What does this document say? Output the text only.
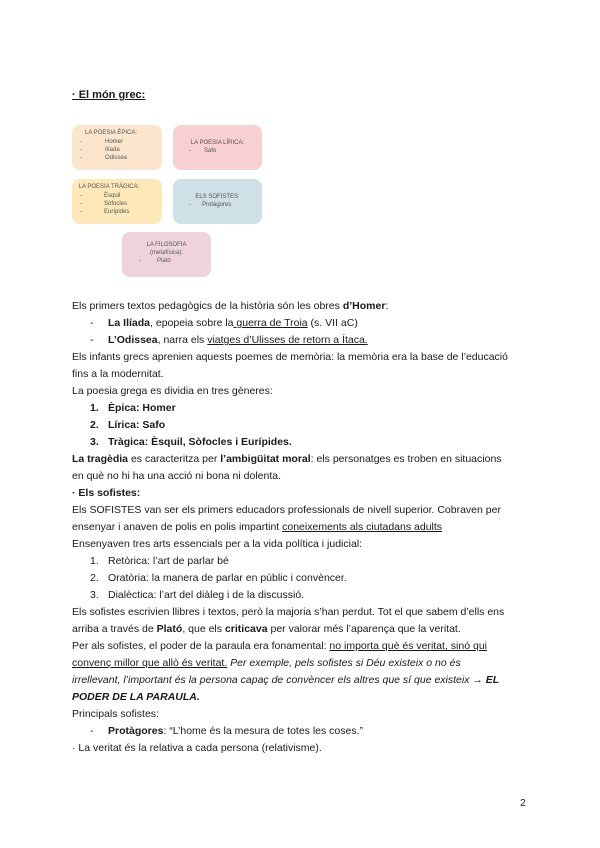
· El món grec:
LA POESIA ÈPICA:
-	Homer
-	Ilíada
-	Odissea
LA POESIA LÍRICA:
- Safo
LA POESIA TRÀGICA:
-	Èsquil
-	Sòfocles
-	Eurípides
ELS SOFISTES:
- Protàgores
LA FILOSOFIA
(metafísica):
-	Plató
Els primers textos pedagògics de la història són les obres d’Homer:
- La Ilíada, epopeia sobre la guerra de Troia (s. VII aC)
- L’Odissea, narra els viatges d’Ulisses de retorn a Ítaca.
Els infants grecs aprenien aquests poemes de memòria: la memòria era la base de l’educació
fins a la modernitat.
La poesia grega es dividia en tres gèneres:
1. Èpica: Homer
2. Lírica: Safo
3. Tràgica: Èsquil, Sòfocles i Eurípides.
La tragèdia es caracteritza per l’ambigüitat moral: els personatges es troben en situacions
en què no hi ha una acció ni bona ni dolenta.
· Els sofistes:
Els SOFISTES van ser els primers educadors professionals de nivell superior. Cobraven per
ensenyar i anaven de polis en polis impartint coneixements als ciutadans adults
Ensenyaven tres arts essencials per a la vida política i judicial:
1. Retòrica: l’art de parlar bé
2. Oratòria: la manera de parlar en públic i convèncer.
3. Dialèctica: l’art del diàleg i de la discussió.
Els sofistes escrivien llibres i textos, però la majoria s’han perdut. Tot el que sabem d’ells ens
arriba a través de Plató, que els criticava per valorar més l’aparença que la veritat.
Per als sofistes, el poder de la paraula era fonamental: no importa què és veritat, sinó qui
convenç millor que allò és veritat. Per exemple, pels sofistes si Déu existeix o no és
irrellevant, l’important és la persona capaç de convèncer els altres que sí que existeix → EL
PODER DE LA PARAULA.
Principals sofistes:
- Protàgores: “L’home és la mesura de totes les coses.”
· La veritat és la relativa a cada persona (relativisme).
2
